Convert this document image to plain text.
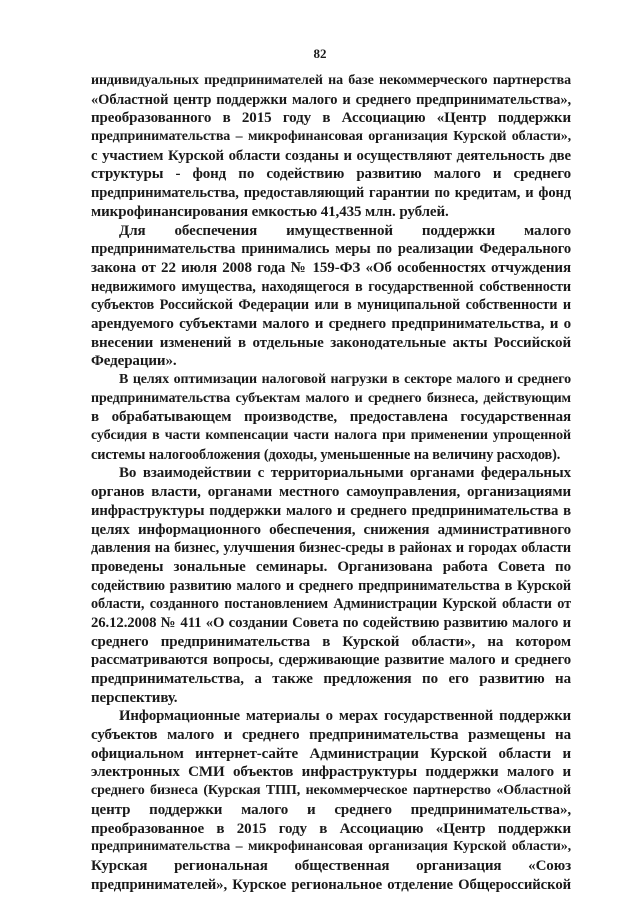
82
индивидуальных предпринимателей на базе некоммерческого партнерства
«Областной центр поддержки малого и среднего предпринимательства»,
преобразованного в 2015 году в Ассоциацию «Центр поддержки
предпринимательства – микрофинансовая организация Курской области»,
с участием Курской области созданы и осуществляют деятельность две
структуры - фонд по содействию развитию малого и среднего
предпринимательства, предоставляющий гарантии по кредитам, и фонд
микрофинансирования емкостью 41,435 млн. рублей.
Для обеспечения имущественной поддержки малого
предпринимательства принимались меры по реализации Федерального
закона от 22 июля 2008 года № 159-ФЗ «Об особенностях отчуждения
недвижимого имущества, находящегося в государственной собственности
субъектов Российской Федерации или в муниципальной собственности и
арендуемого субъектами малого и среднего предпринимательства, и о
внесении изменений в отдельные законодательные акты Российской
Федерации».
В целях оптимизации налоговой нагрузки в секторе малого и среднего
предпринимательства субъектам малого и среднего бизнеса, действующим
в обрабатывающем производстве, предоставлена государственная
субсидия в части компенсации части налога при применении упрощенной
системы налогообложения (доходы, уменьшенные на величину расходов).
Во взаимодействии с территориальными органами федеральных
органов власти, органами местного самоуправления, организациями
инфраструктуры поддержки малого и среднего предпринимательства в
целях информационного обеспечения, снижения административного
давления на бизнес, улучшения бизнес-среды в районах и городах области
проведены зональные семинары. Организована работа Совета по
содействию развитию малого и среднего предпринимательства в Курской
области, созданного постановлением Администрации Курской области от
26.12.2008 № 411 «О создании Совета по содействию развитию малого и
среднего предпринимательства в Курской области», на котором
рассматриваются вопросы, сдерживающие развитие малого и среднего
предпринимательства, а также предложения по его развитию на
перспективу.
Информационные материалы о мерах государственной поддержки
субъектов малого и среднего предпринимательства размещены на
официальном интернет-сайте Администрации Курской области и
электронных СМИ объектов инфраструктуры поддержки малого и
среднего бизнеса (Курская ТПП, некоммерческое партнерство «Областной
центр поддержки малого и среднего предпринимательства»,
преобразованное в 2015 году в Ассоциацию «Центр поддержки
предпринимательства – микрофинансовая организация Курской области»,
Курская региональная общественная организация «Союз
предпринимателей», Курское региональное отделение Общероссийской
